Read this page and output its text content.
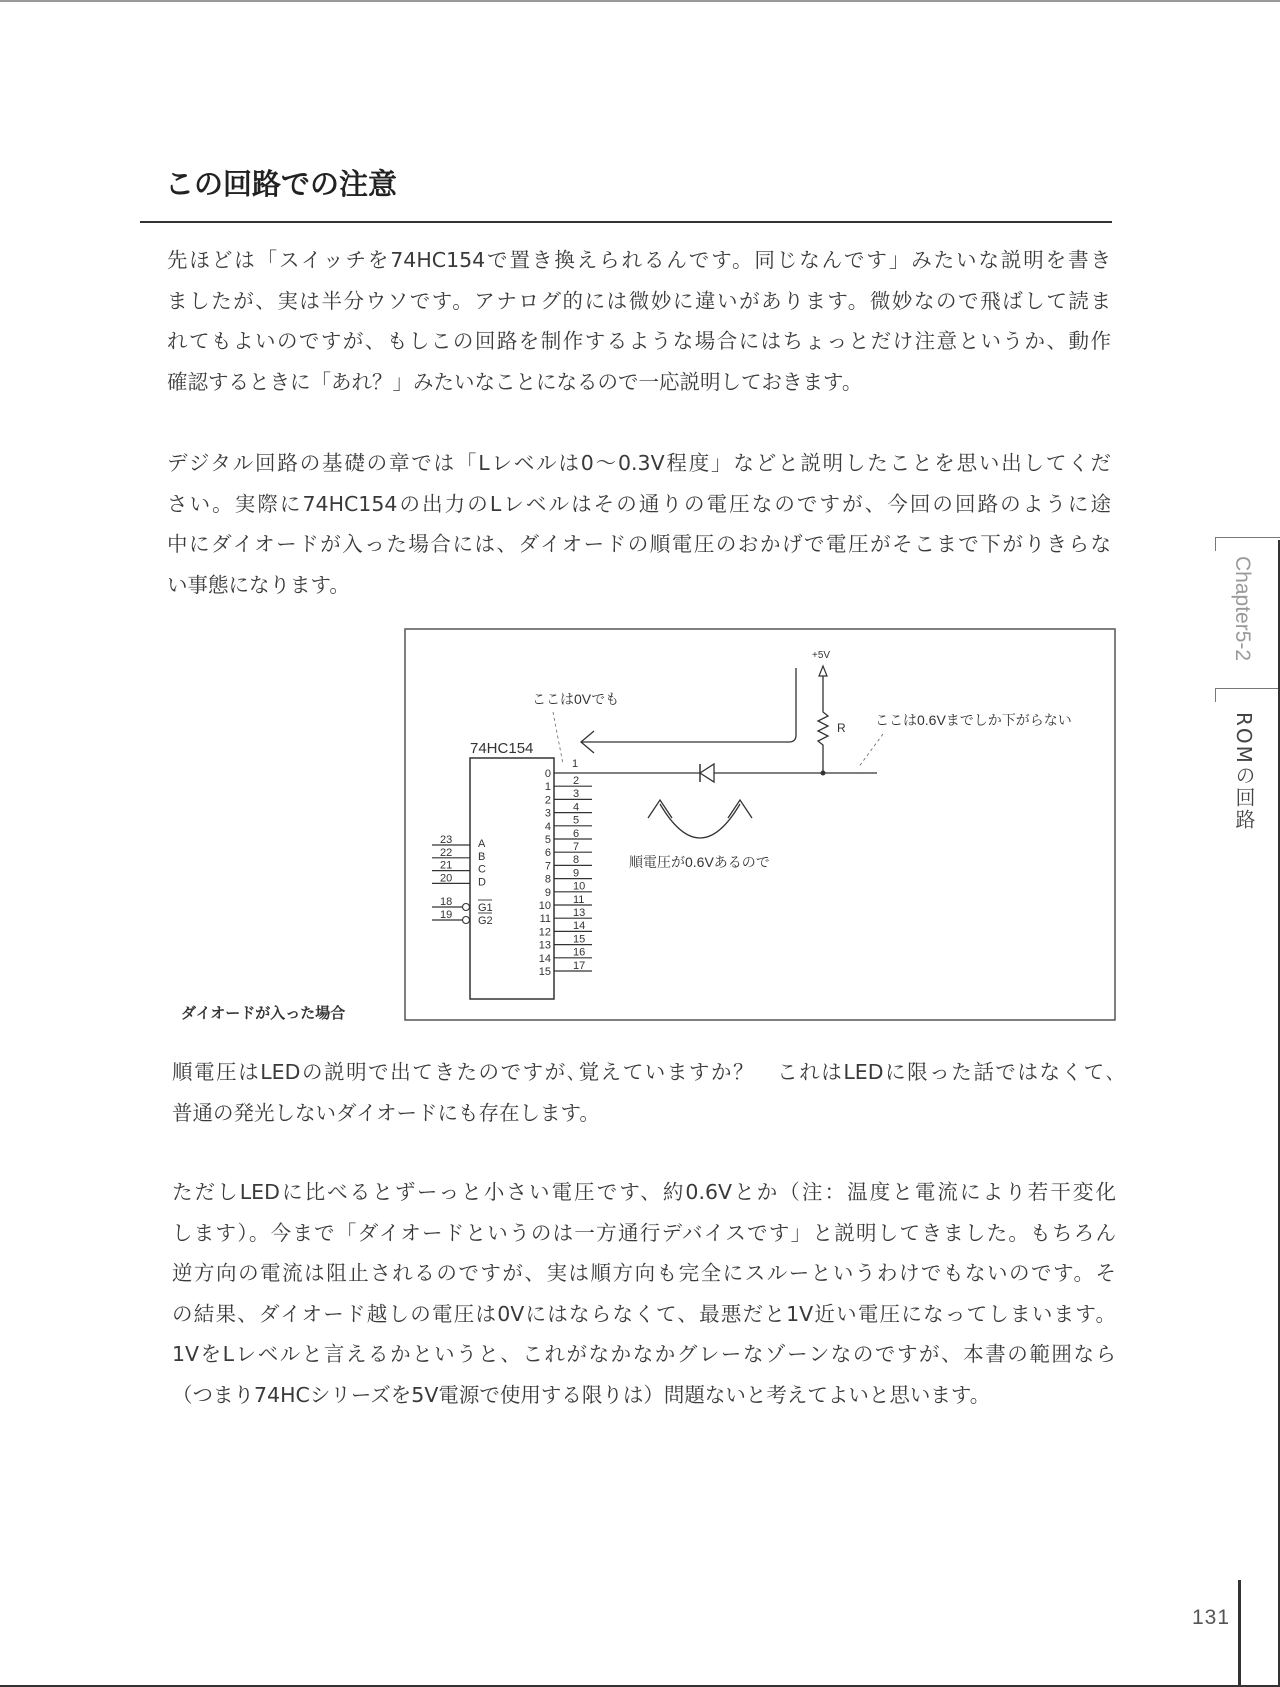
この回路での注意
先ほどは「スイッチを74HC154で置き換えられるんです。同じなんです」みたいな説明を書き
ましたが、実は半分ウソです。アナログ的には微妙に違いがあります。微妙なので飛ばして読ま
れてもよいのですが、もしこの回路を制作するような場合にはちょっとだけ注意というか、動作
確認するときに「あれ？」みたいなことになるので一応説明しておきます。
デジタル回路の基礎の章では「Lレベルは0〜0.3V程度」などと説明したことを思い出してくだ
さい。実際に74HC154の出力のLレベルはその通りの電圧なのですが、今回の回路のように途
中にダイオードが入った場合には、ダイオードの順電圧のおかげで電圧がそこまで下がりきらな
い事態になります。
74HC154
0
1
2
3
4
5
6
7
8
9
10
11
12
13
14
15
2
3
4
5
6
7
8
9
10
11
13
14
15
16
17
23 A
22 B
21 C
20 D
18 G1
19 G2
1
+5V
R
ここは0Vでも
ここは0.6Vまでしか下がらない
順電圧が0.6Vあるので
ダイオードが入った場合
順電圧はLEDの説明で出てきたのですが､覚えていますか？　これはLEDに限った話ではなくて､
普通の発光しないダイオードにも存在します。
ただしLEDに比べるとずーっと小さい電圧です、約0.6Vとか（注：温度と電流により若干変化
します）。今まで「ダイオードというのは一方通行デバイスです」と説明してきました。もちろん
逆方向の電流は阻止されるのですが、実は順方向も完全にスルーというわけでもないのです。そ
の結果、ダイオード越しの電圧は0Vにはならなくて、最悪だと1V近い電圧になってしまいます。
1VをLレベルと言えるかというと、これがなかなかグレーなゾーンなのですが、本書の範囲なら
（つまり74HCシリーズを5V電源で使用する限りは）問題ないと考えてよいと思います。
Chapter5-2
ROMの回路
131
